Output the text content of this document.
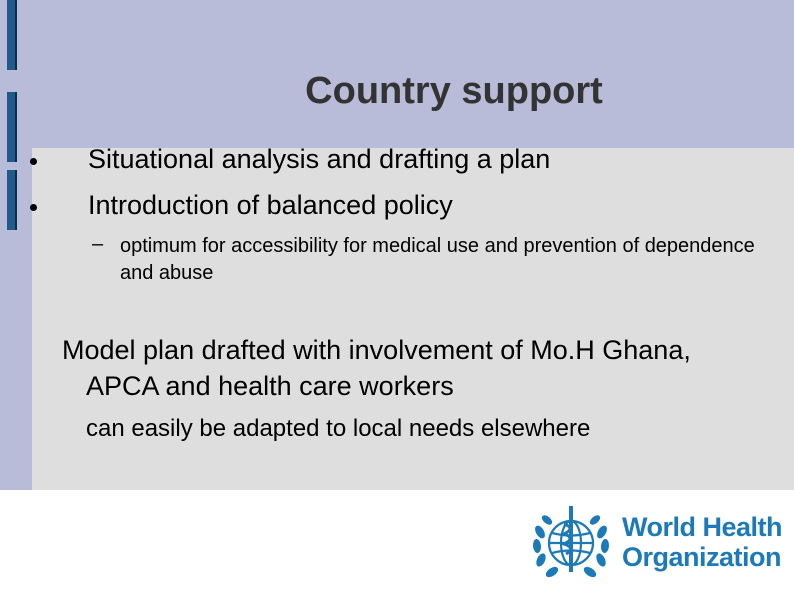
Country support
Situational analysis and drafting a plan
Introduction of balanced policy
– optimum for accessibility for medical use and prevention of dependence and abuse
Model plan drafted with involvement of Mo.H Ghana, APCA and health care workers
can easily be adapted to local needs elsewhere
World Health
Organization
